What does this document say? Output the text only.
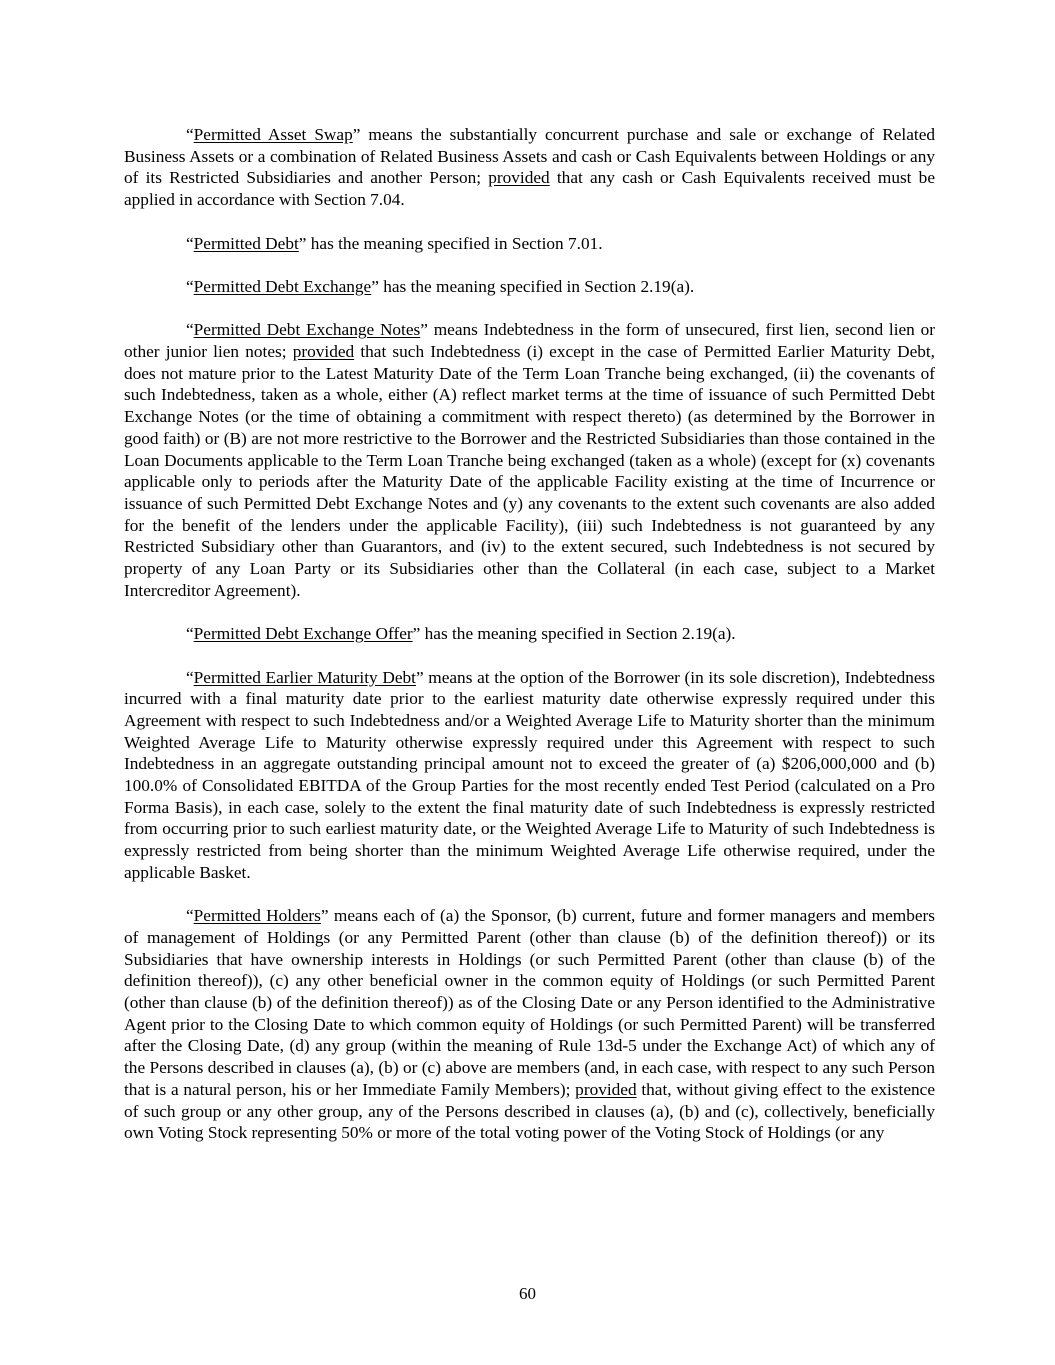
“Permitted Asset Swap” means the substantially concurrent purchase and sale or exchange of Related Business Assets or a combination of Related Business Assets and cash or Cash Equivalents between Holdings or any of its Restricted Subsidiaries and another Person; provided that any cash or Cash Equivalents received must be applied in accordance with Section 7.04.

“Permitted Debt” has the meaning specified in Section 7.01.

“Permitted Debt Exchange” has the meaning specified in Section 2.19(a).

“Permitted Debt Exchange Notes” means Indebtedness in the form of unsecured, first lien, second lien or other junior lien notes; provided that such Indebtedness (i) except in the case of Permitted Earlier Maturity Debt, does not mature prior to the Latest Maturity Date of the Term Loan Tranche being exchanged, (ii) the covenants of such Indebtedness, taken as a whole, either (A) reflect market terms at the time of issuance of such Permitted Debt Exchange Notes (or the time of obtaining a commitment with respect thereto) (as determined by the Borrower in good faith) or (B) are not more restrictive to the Borrower and the Restricted Subsidiaries than those contained in the Loan Documents applicable to the Term Loan Tranche being exchanged (taken as a whole) (except for (x) covenants applicable only to periods after the Maturity Date of the applicable Facility existing at the time of Incurrence or issuance of such Permitted Debt Exchange Notes and (y) any covenants to the extent such covenants are also added for the benefit of the lenders under the applicable Facility), (iii) such Indebtedness is not guaranteed by any Restricted Subsidiary other than Guarantors, and (iv) to the extent secured, such Indebtedness is not secured by property of any Loan Party or its Subsidiaries other than the Collateral (in each case, subject to a Market Intercreditor Agreement).

“Permitted Debt Exchange Offer” has the meaning specified in Section 2.19(a).

“Permitted Earlier Maturity Debt” means at the option of the Borrower (in its sole discretion), Indebtedness incurred with a final maturity date prior to the earliest maturity date otherwise expressly required under this Agreement with respect to such Indebtedness and/or a Weighted Average Life to Maturity shorter than the minimum Weighted Average Life to Maturity otherwise expressly required under this Agreement with respect to such Indebtedness in an aggregate outstanding principal amount not to exceed the greater of (a) $206,000,000 and (b) 100.0% of Consolidated EBITDA of the Group Parties for the most recently ended Test Period (calculated on a Pro Forma Basis), in each case, solely to the extent the final maturity date of such Indebtedness is expressly restricted from occurring prior to such earliest maturity date, or the Weighted Average Life to Maturity of such Indebtedness is expressly restricted from being shorter than the minimum Weighted Average Life otherwise required, under the applicable Basket.

“Permitted Holders” means each of (a) the Sponsor, (b) current, future and former managers and members of management of Holdings (or any Permitted Parent (other than clause (b) of the definition thereof)) or its Subsidiaries that have ownership interests in Holdings (or such Permitted Parent (other than clause (b) of the definition thereof)), (c) any other beneficial owner in the common equity of Holdings (or such Permitted Parent (other than clause (b) of the definition thereof)) as of the Closing Date or any Person identified to the Administrative Agent prior to the Closing Date to which common equity of Holdings (or such Permitted Parent) will be transferred after the Closing Date, (d) any group (within the meaning of Rule 13d-5 under the Exchange Act) of which any of the Persons described in clauses (a), (b) or (c) above are members (and, in each case, with respect to any such Person that is a natural person, his or her Immediate Family Members); provided that, without giving effect to the existence of such group or any other group, any of the Persons described in clauses (a), (b) and (c), collectively, beneficially own Voting Stock representing 50% or more of the total voting power of the Voting Stock of Holdings (or any

60
